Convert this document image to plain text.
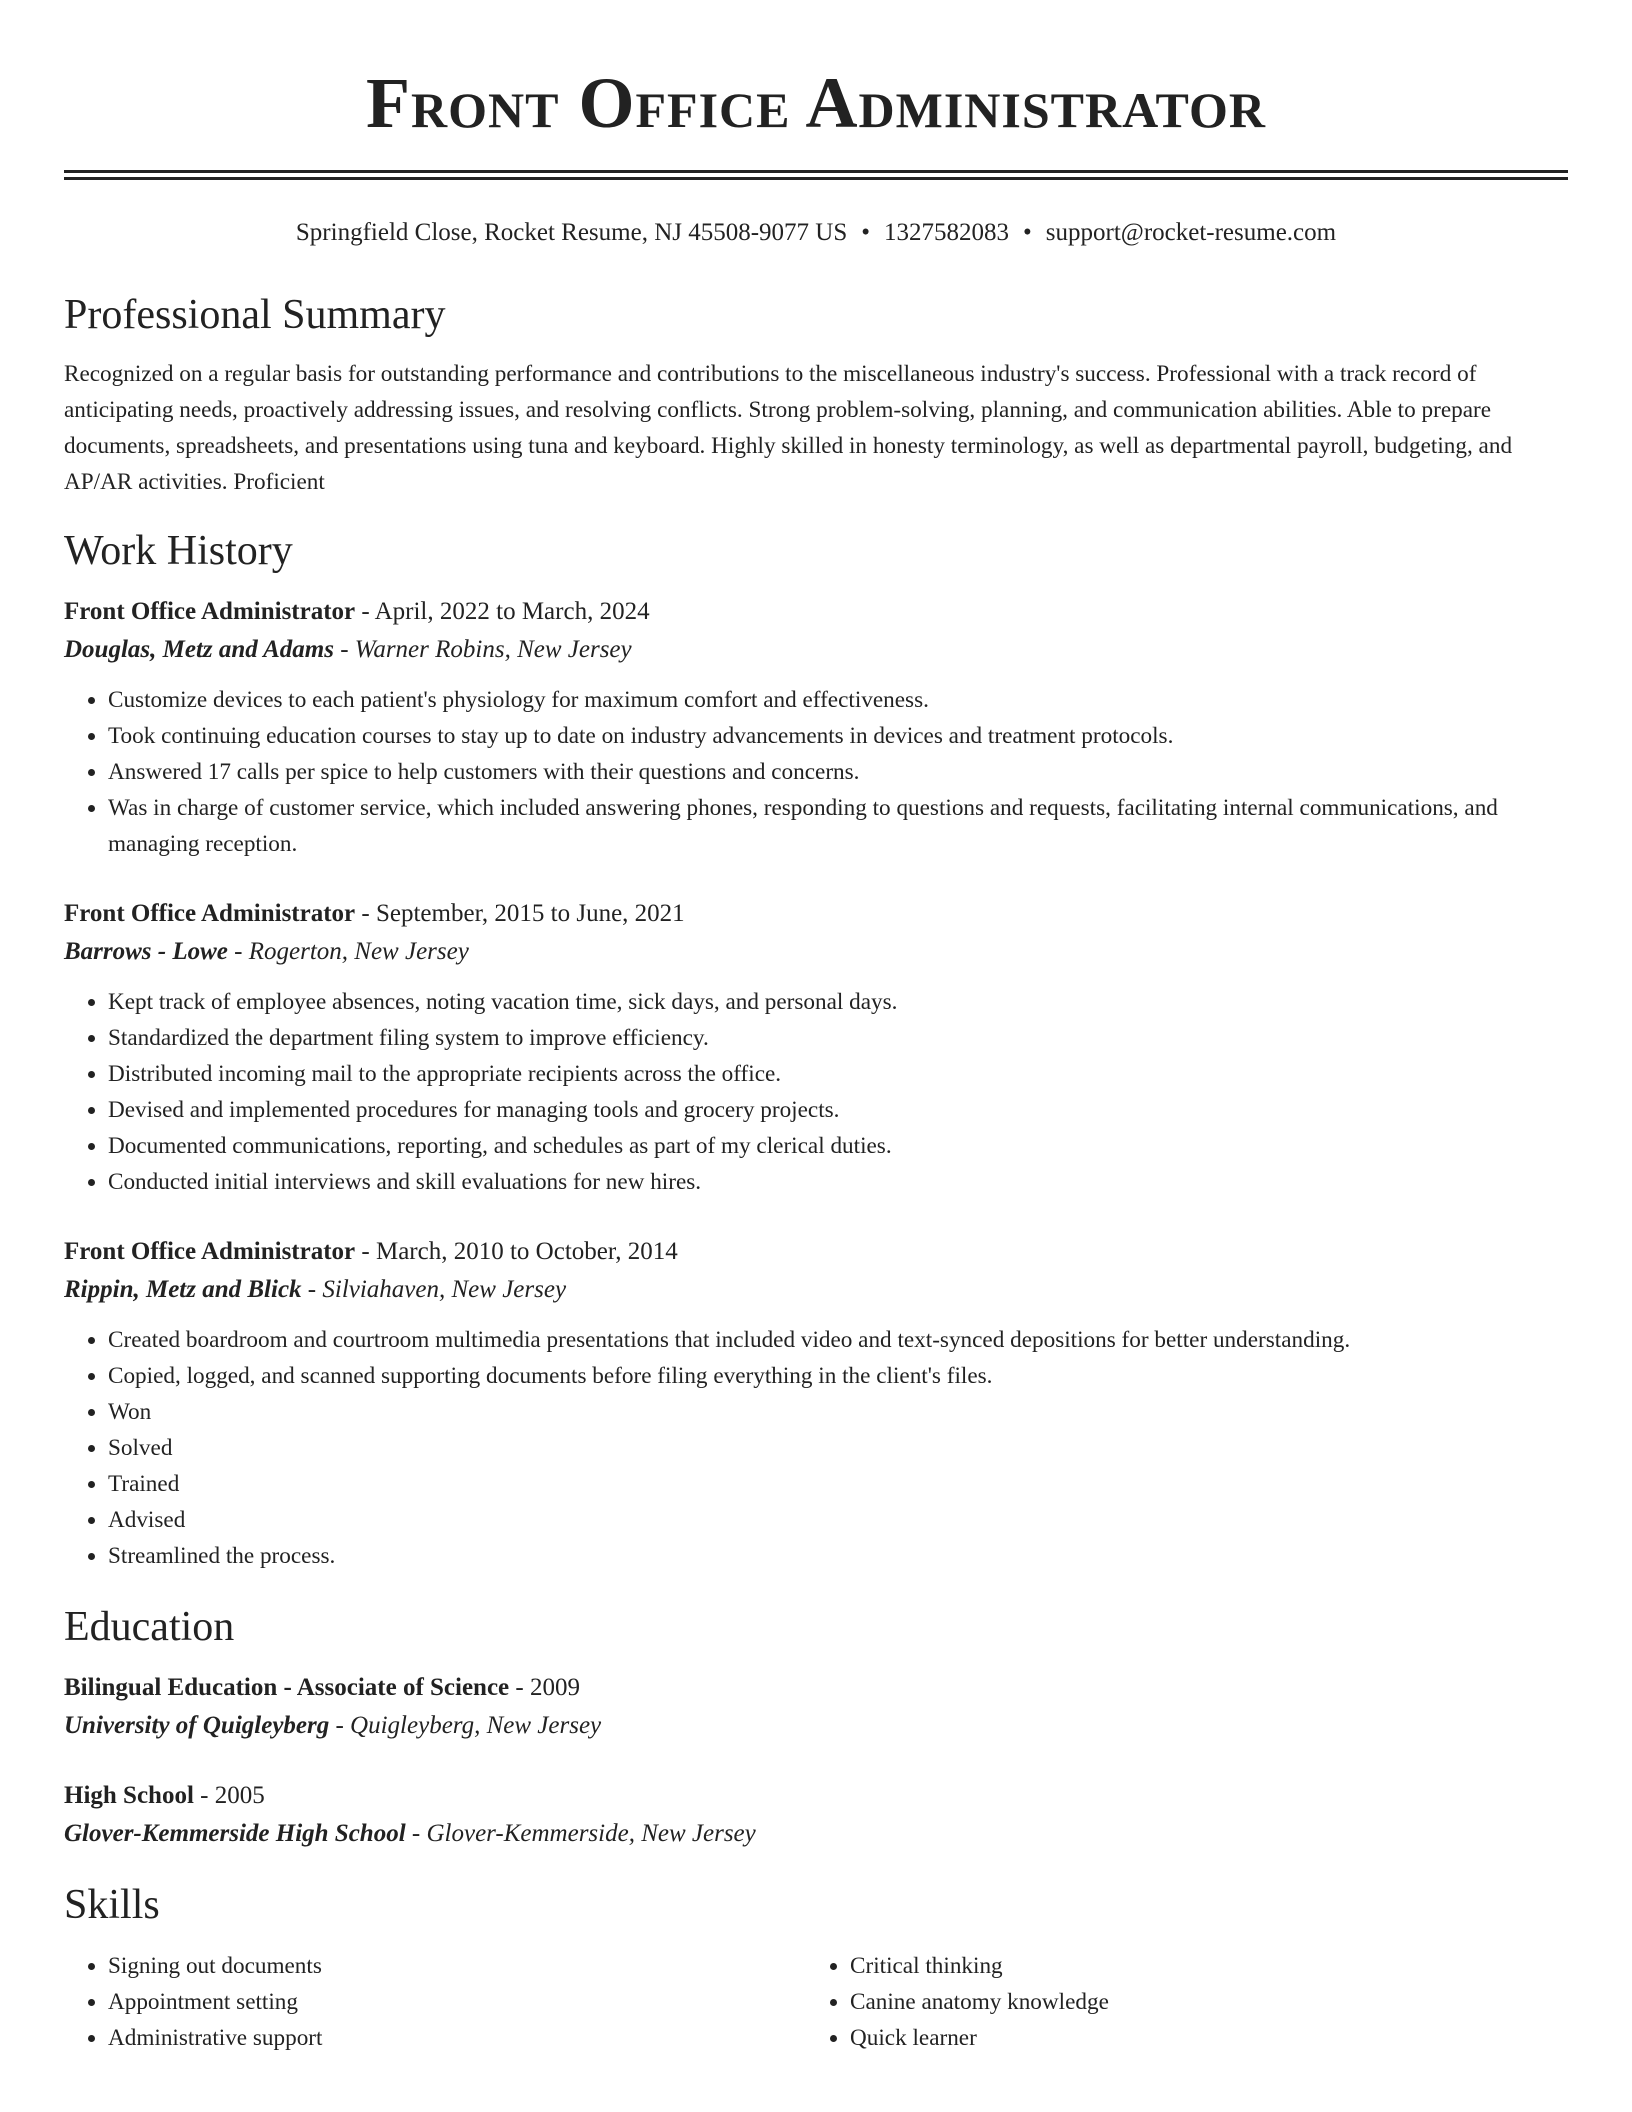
Front Office Administrator
Springfield Close, Rocket Resume, NJ 45508-9077 US • 1327582083 • support@rocket-resume.com
Professional Summary

Recognized on a regular basis for outstanding performance and contributions to the miscellaneous industry's success. Professional with a track record of anticipating needs, proactively addressing issues, and resolving conflicts. Strong problem-solving, planning, and communication abilities. Able to prepare documents, spreadsheets, and presentations using tuna and keyboard. Highly skilled in honesty terminology, as well as departmental payroll, budgeting, and AP/AR activities. Proficient

Work History
Front Office Administrator - April, 2022 to March, 2024
Douglas, Metz and Adams - Warner Robins, New Jersey
• Customize devices to each patient's physiology for maximum comfort and effectiveness.
• Took continuing education courses to stay up to date on industry advancements in devices and treatment protocols.
• Answered 17 calls per spice to help customers with their questions and concerns.
• Was in charge of customer service, which included answering phones, responding to questions and requests, facilitating internal communications, and managing reception.
Front Office Administrator - September, 2015 to June, 2021
Barrows - Lowe - Rogerton, New Jersey
• Kept track of employee absences, noting vacation time, sick days, and personal days.
• Standardized the department filing system to improve efficiency.
• Distributed incoming mail to the appropriate recipients across the office.
• Devised and implemented procedures for managing tools and grocery projects.
• Documented communications, reporting, and schedules as part of my clerical duties.
• Conducted initial interviews and skill evaluations for new hires.
Front Office Administrator - March, 2010 to October, 2014
Rippin, Metz and Blick - Silviahaven, New Jersey
• Created boardroom and courtroom multimedia presentations that included video and text-synced depositions for better understanding.
• Copied, logged, and scanned supporting documents before filing everything in the client's files.
• Won
• Solved
• Trained
• Advised
• Streamlined the process.
Education
Bilingual Education - Associate of Science - 2009
University of Quigleyberg - Quigleyberg, New Jersey
High School - 2005
Glover-Kemmerside High School - Glover-Kemmerside, New Jersey
Skills
• Signing out documents
• Appointment setting
• Administrative support
• Critical thinking
• Canine anatomy knowledge
• Quick learner
